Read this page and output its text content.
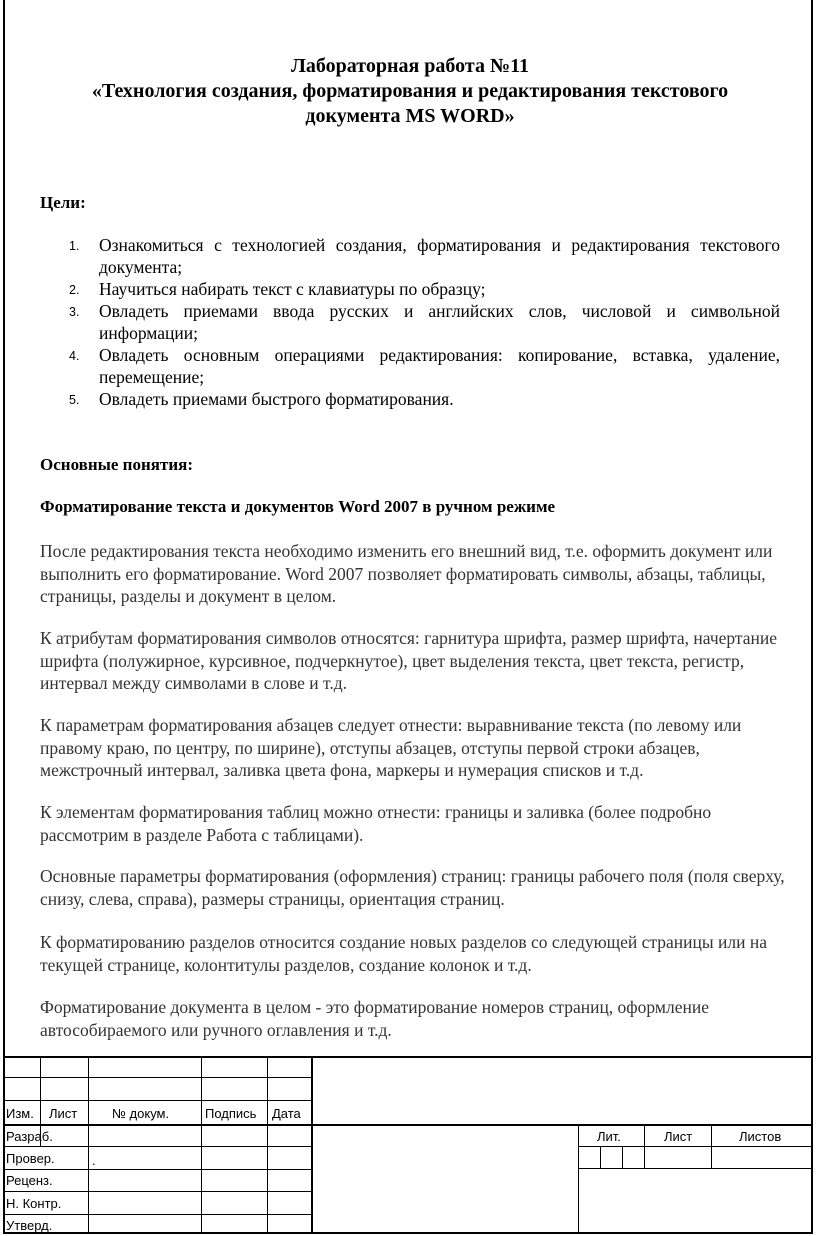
Лабораторная работа №11
«Технология создания, форматирования и редактирования текстового
документа MS WORD»
Цели:
1. Ознакомиться с технологией создания, форматирования и редактирования текстового документа;
2. Научиться набирать текст с клавиатуры по образцу;
3. Овладеть приемами ввода русских и английских слов, числовой и символьной информации;
4. Овладеть основным операциями редактирования: копирование, вставка, удаление, перемещение;
5. Овладеть приемами быстрого форматирования.
Основные понятия:
Форматирование текста и документов Word 2007 в ручном режиме
После редактирования текста необходимо изменить его внешний вид, т.е. оформить документ или выполнить его форматирование. Word 2007 позволяет форматировать символы, абзацы, таблицы, страницы, разделы и документ в целом.
К атрибутам форматирования символов относятся: гарнитура шрифта, размер шрифта, начертание шрифта (полужирное, курсивное, подчеркнутое), цвет выделения текста, цвет текста, регистр, интервал между символами в слове и т.д.
К параметрам форматирования абзацев следует отнести: выравнивание текста (по левому или правому краю, по центру, по ширине), отступы абзацев, отступы первой строки абзацев, межстрочный интервал, заливка цвета фона, маркеры и нумерация списков и т.д.
К элементам форматирования таблиц можно отнести: границы и заливка (более подробно рассмотрим в разделе Работа с таблицами).
Основные параметры форматирования (оформления) страниц: границы рабочего поля (поля сверху, снизу, слева, справа), размеры страницы, ориентация страниц.
К форматированию разделов относится создание новых разделов со следующей страницы или на текущей странице, колонтитулы разделов, создание колонок и т.д.
Форматирование документа в целом - это форматирование номеров страниц, оформление автособираемого или ручного оглавления и т.д.
Изм. Лист	№ докум.	Подпись Дата
Разраб.
Провер.	.
Реценз.
Н. Контр.
Утверд.
Лит.	Лист	Листов
